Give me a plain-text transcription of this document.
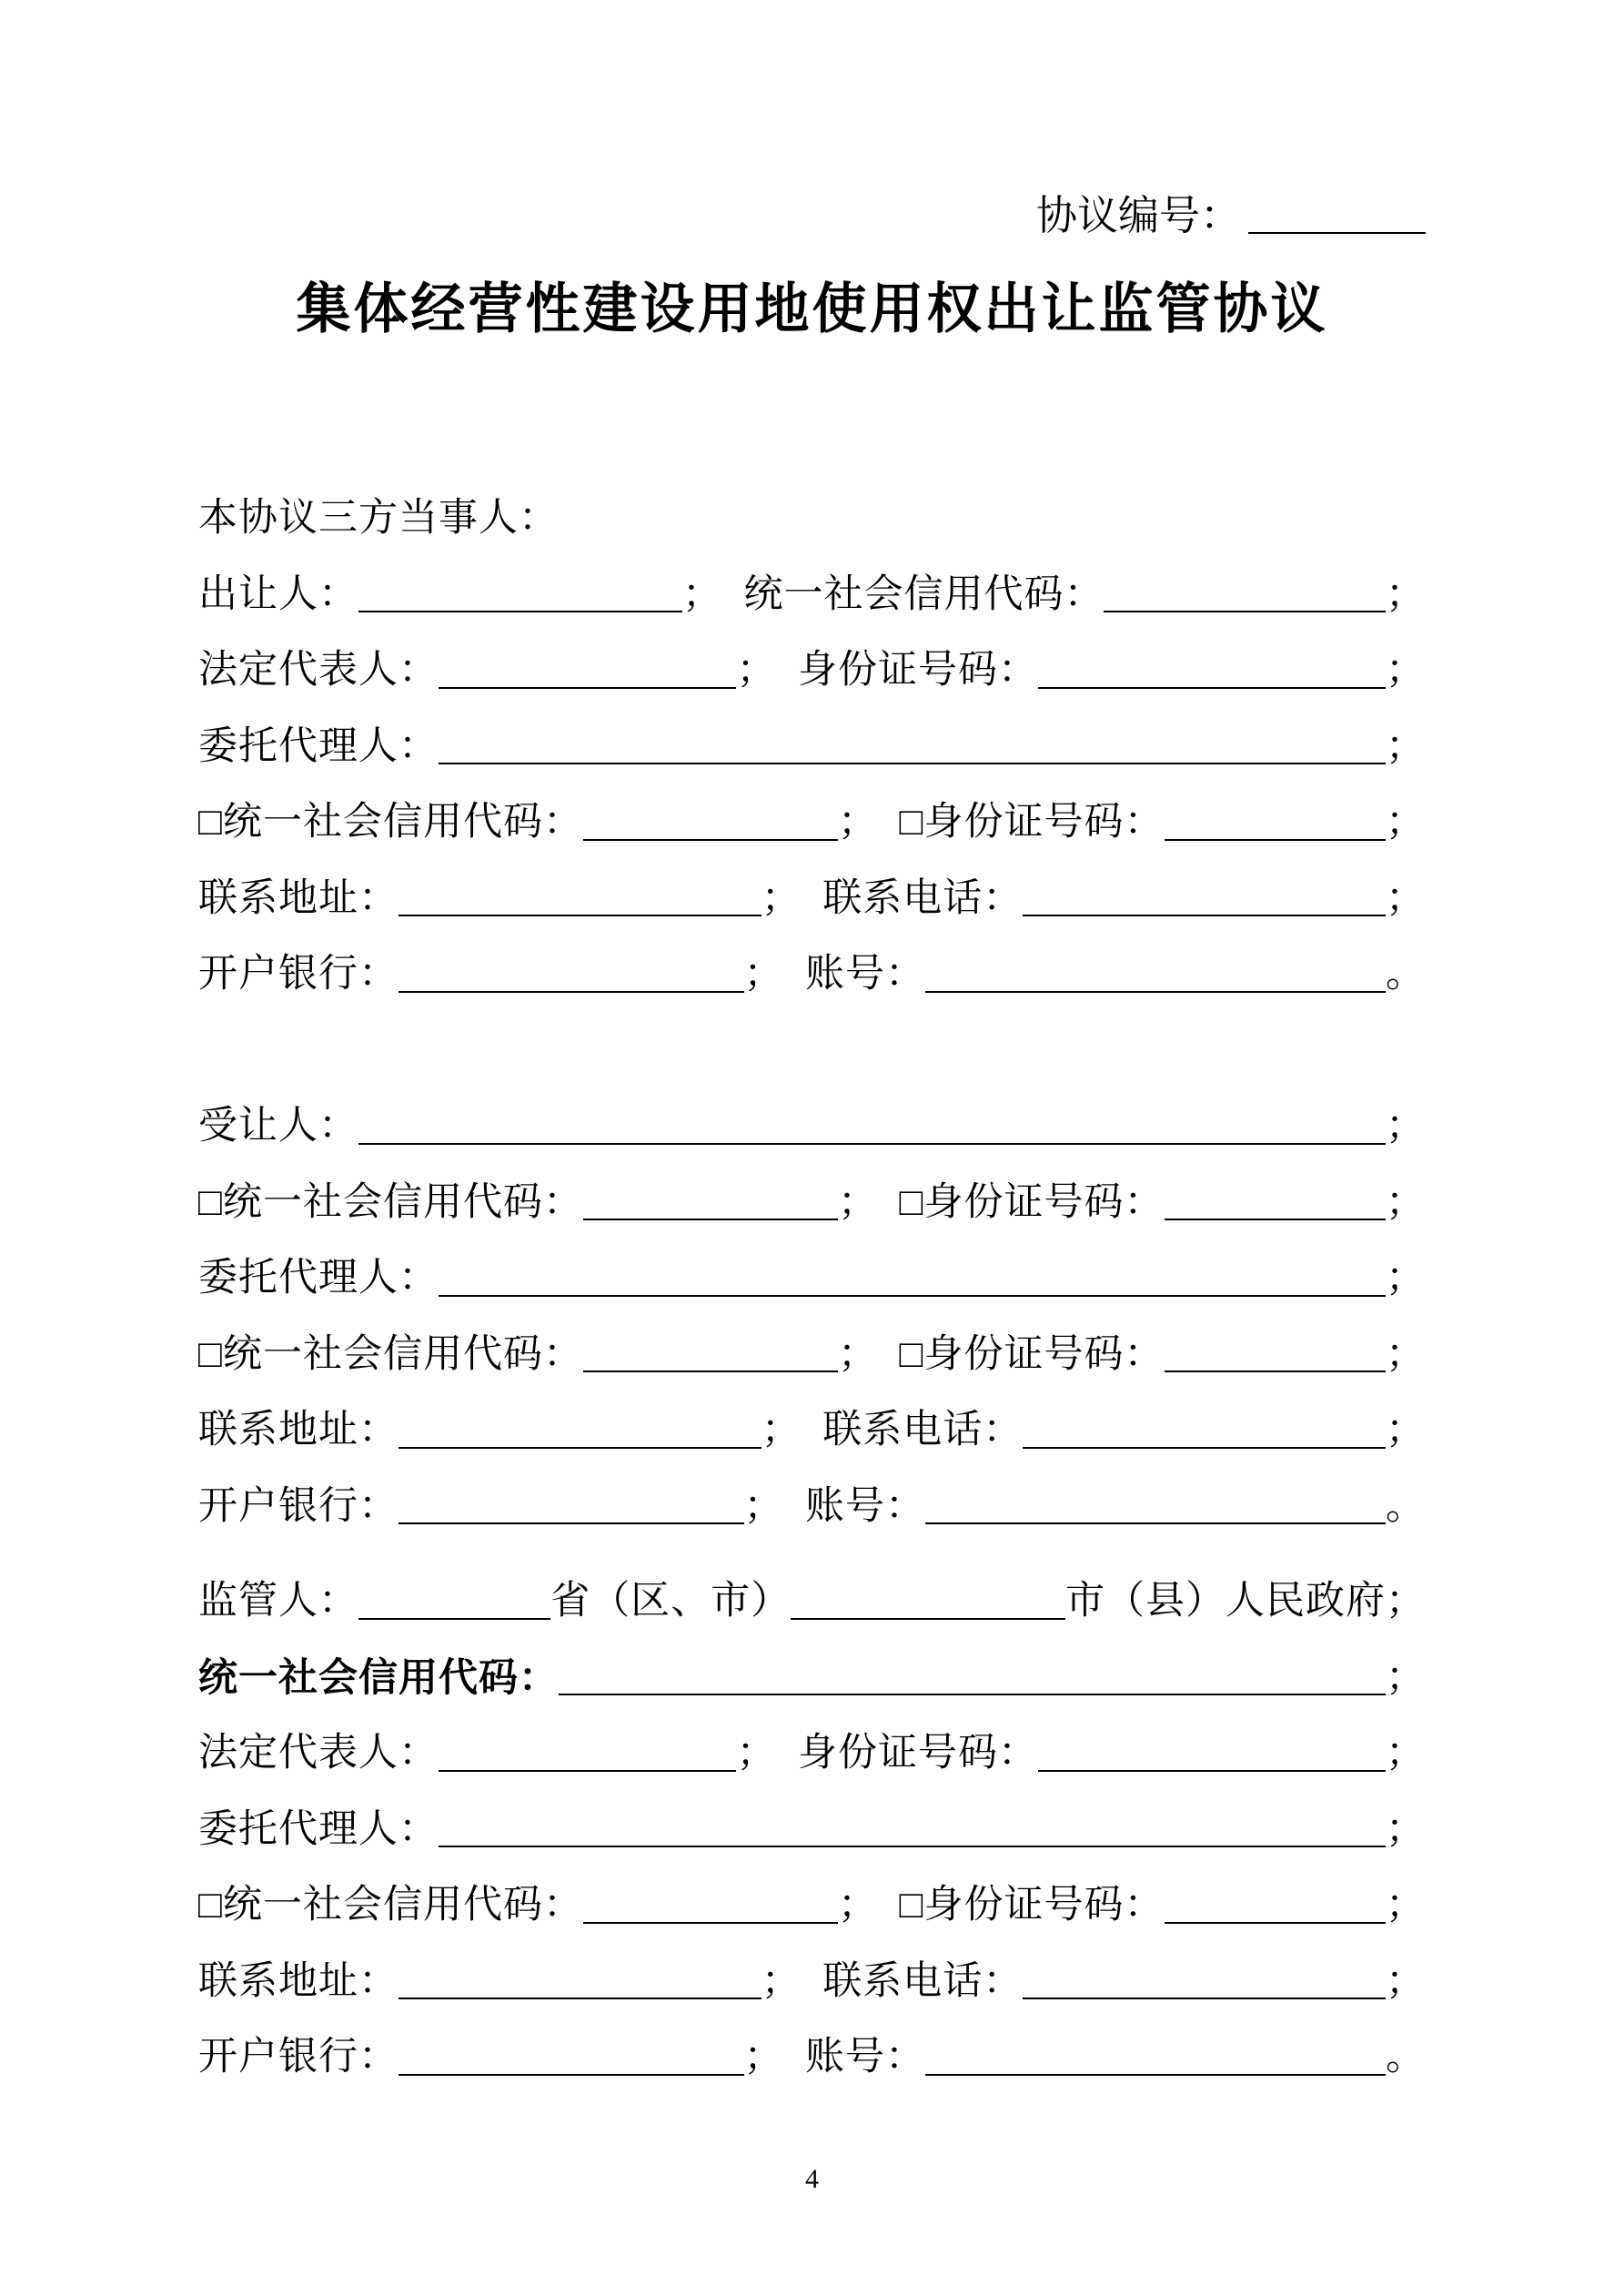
协议编号：
集体经营性建设用地使用权出让监管协议
本协议三方当事人：
出让人：	； 统一社会信用代码：	；
法定代表人：	； 身份证号码：	；
委托代理人：	；
□统一社会信用代码：	； □身份证号码：	；
联系地址：	； 联系电话：	；
开户银行：	； 账号：	。
受让人：	；
□统一社会信用代码：	； □身份证号码：	；
委托代理人：	；
□统一社会信用代码：	； □身份证号码：	；
联系地址：	； 联系电话：	；
开户银行：	； 账号：	。
监管人：	省（区、市）	市（县）人民政府；
统一社会信用代码：	；
法定代表人：	； 身份证号码：	；
委托代理人：	；
□统一社会信用代码：	； □身份证号码：	；
联系地址：	； 联系电话：	；
开户银行：	； 账号：	。
4
